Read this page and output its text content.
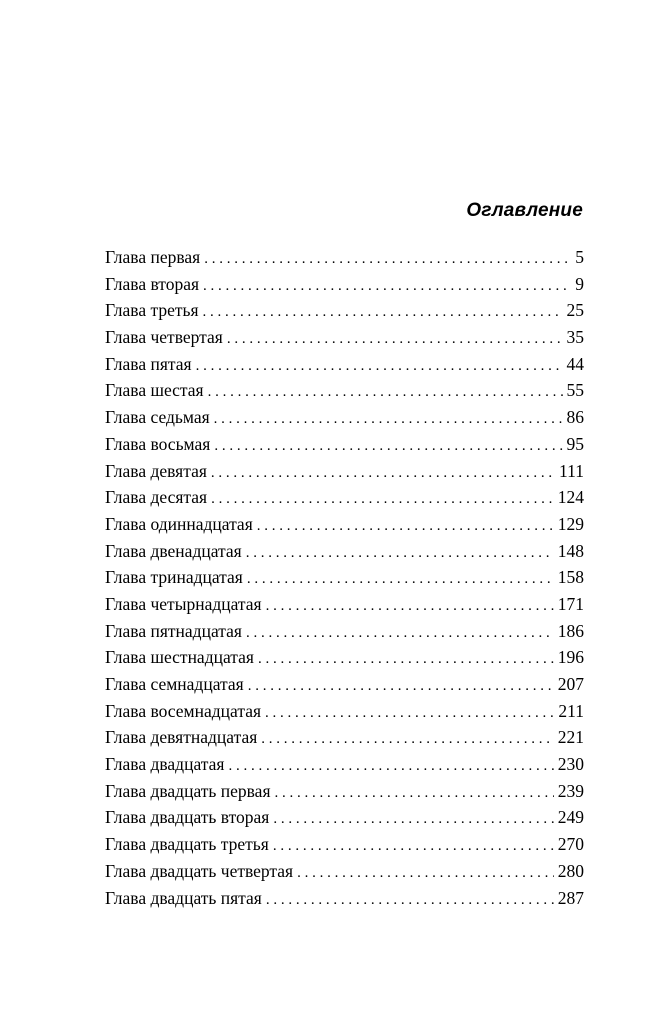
Оглавление
Глава первая . . .	5
Глава вторая . . .	9
Глава третья . . .	25
Глава четвертая . . .	35
Глава пятая . . .	44
Глава шестая . . .	55
Глава седьмая . . .	86
Глава восьмая . . .	95
Глава девятая . . .	111
Глава десятая . . .	124
Глава одиннадцатая . . .	129
Глава двенадцатая . . .	148
Глава тринадцатая . . .	158
Глава четырнадцатая . . .	171
Глава пятнадцатая . . .	186
Глава шестнадцатая . . .	196
Глава семнадцатая . . .	207
Глава восемнадцатая . . .	211
Глава девятнадцатая . . .	221
Глава двадцатая . . .	230
Глава двадцать первая . . .	239
Глава двадцать вторая . . .	249
Глава двадцать третья . . .	270
Глава двадцать четвертая . . .	280
Глава двадцать пятая . . .	287
